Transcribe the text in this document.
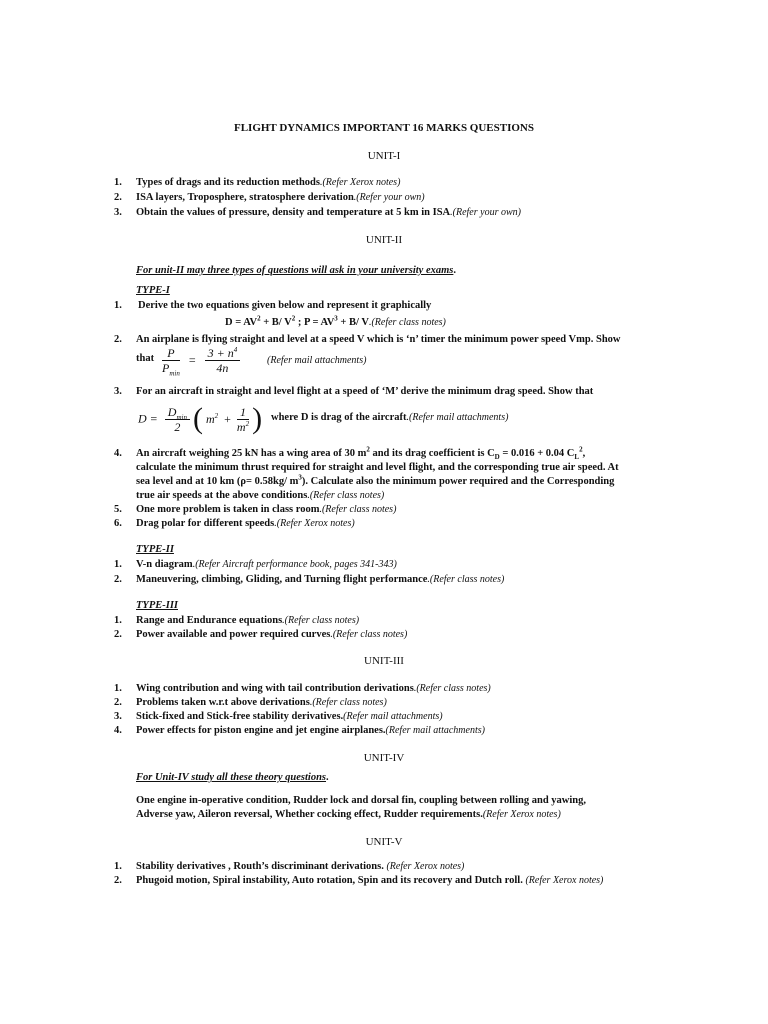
FLIGHT DYNAMICS IMPORTANT 16 MARKS QUESTIONS
UNIT-I
1. Types of drags and its reduction methods.(Refer Xerox notes)
2. ISA layers, Troposphere, stratosphere derivation.(Refer your own)
3. Obtain the values of pressure, density and temperature at 5 km in ISA.(Refer your own)
UNIT-II
For unit-II may three types of questions will ask in your university exams.
TYPE-I
1. Derive the two equations given below and represent it graphically
$D = AV^2 + B/$ $V^2$ ; $P = AV^3 + B/$ V.(Refer class notes)
2. An airplane is flying straight and level at a speed V which is ‘n’ timer the minimum power speed Vmp. Show
that $\frac{P}{P_{min}} = \frac{3 + n^4}{4n}$	(Refer mail attachments)
3. For an aircraft in straight and level flight at a speed of ‘M’ derive the minimum drag speed. Show that
$D = \frac{D_{min}}{2}$ ( $m^2 + \frac{1}{m^2}$ ) where D is drag of the aircraft.(Refer mail attachments)
4. An aircraft weighing 25 kN has a wing area of 30 $m^2$ and its drag coefficient is $C_D = 0.016 + 0.04$ $C_L^2$,
calculate the minimum thrust required for straight and level flight, and the corresponding true air speed. At
sea level and at 10 km (ρ= 0.58kg/ $m^3$). Calculate also the minimum power required and the Corresponding
true air speeds at the above conditions.(Refer class notes)
5. One more problem is taken in class room.(Refer class notes)
6. Drag polar for different speeds.(Refer Xerox notes)
TYPE-II
1. V-n diagram.(Refer Aircraft performance book, pages 341-343)
2. Maneuvering, climbing, Gliding, and Turning flight performance.(Refer class notes)
TYPE-III
1. Range and Endurance equations.(Refer class notes)
2. Power available and power required curves.(Refer class notes)
UNIT-III
1. Wing contribution and wing with tail contribution derivations.(Refer class notes)
2. Problems taken w.r.t above derivations.(Refer class notes)
3. Stick-fixed and Stick-free stability derivatives.(Refer mail attachments)
4. Power effects for piston engine and jet engine airplanes.(Refer mail attachments)
UNIT-IV
For Unit-IV study all these theory questions.
One engine in-operative condition, Rudder lock and dorsal fin, coupling between rolling and yawing,
Adverse yaw, Aileron reversal, Whether cocking effect, Rudder requirements.(Refer Xerox notes)
UNIT-V
1. Stability derivatives , Routh’s discriminant derivations. (Refer Xerox notes)
2. Phugoid motion, Spiral instability, Auto rotation, Spin and its recovery and Dutch roll. (Refer Xerox notes)
